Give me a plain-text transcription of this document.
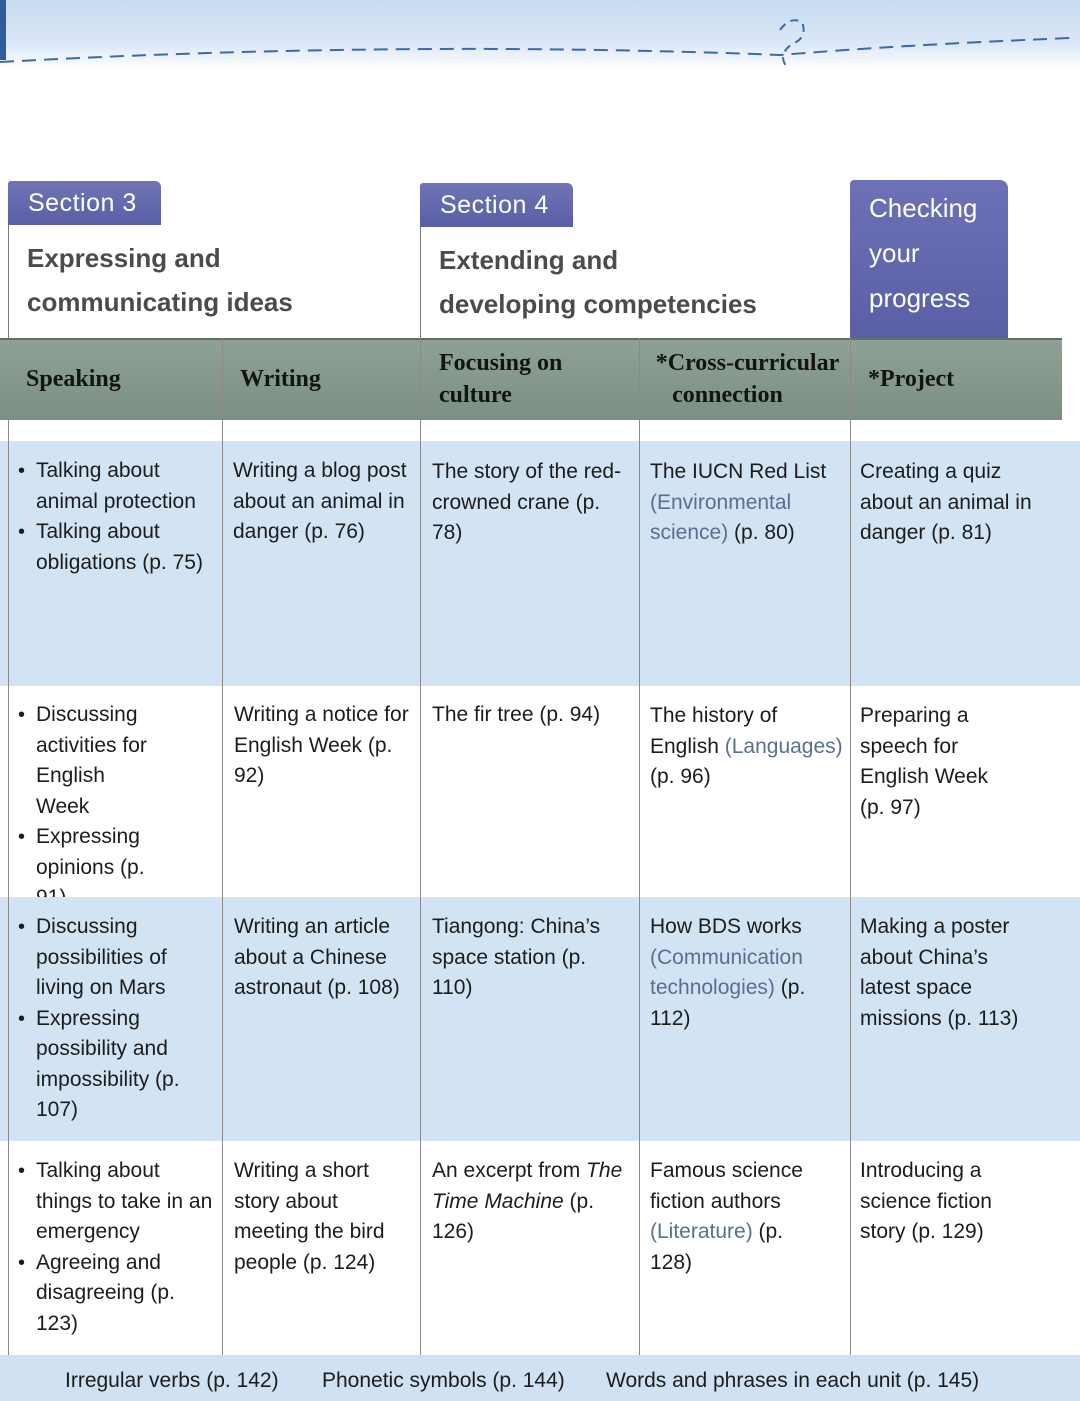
Section 3
Expressing and
communicating ideas
Section 4
Extending and
developing competencies
Checking
your
progress
Speaking	Writing
Focusing on
culture
*Cross-curricular
connection
*Project
• Talking about animal protection
• Talking about obligations (p. 75)
Writing a blog post about an animal in danger (p. 76)
The story of the red-crowned crane (p. 78)
The IUCN Red List (Environmental science) (p. 80)
Creating a quiz about an animal in danger (p. 81)
• Discussing activities for English Week
• Expressing opinions (p.
Writing a notice for English Week (p. 92)
The fir tree (p. 94)	The history of English (Languages) (p. 96)
Preparing a speech for English Week (p. 97)
• Discussing possibilities of living on Mars
• Expressing possibility and impossibility (p. 107)
Writing an article about a Chinese astronaut (p. 108)
Tiangong: China’s space station (p. 110)
How BDS works (Communication technologies) (p. 112)
Making a poster about China’s latest space missions (p. 113)
• Talking about things to take in an emergency
• Agreeing and disagreeing (p. 123)
Writing a short story about meeting the bird people (p. 124)
An excerpt from The Time Machine (p. 126)
Famous science fiction authors (Literature) (p. 128)
Introducing a science fiction story (p. 129)
Irregular verbs (p. 142) Phonetic symbols (p. 144) Words and phrases in each unit (p. 145)
